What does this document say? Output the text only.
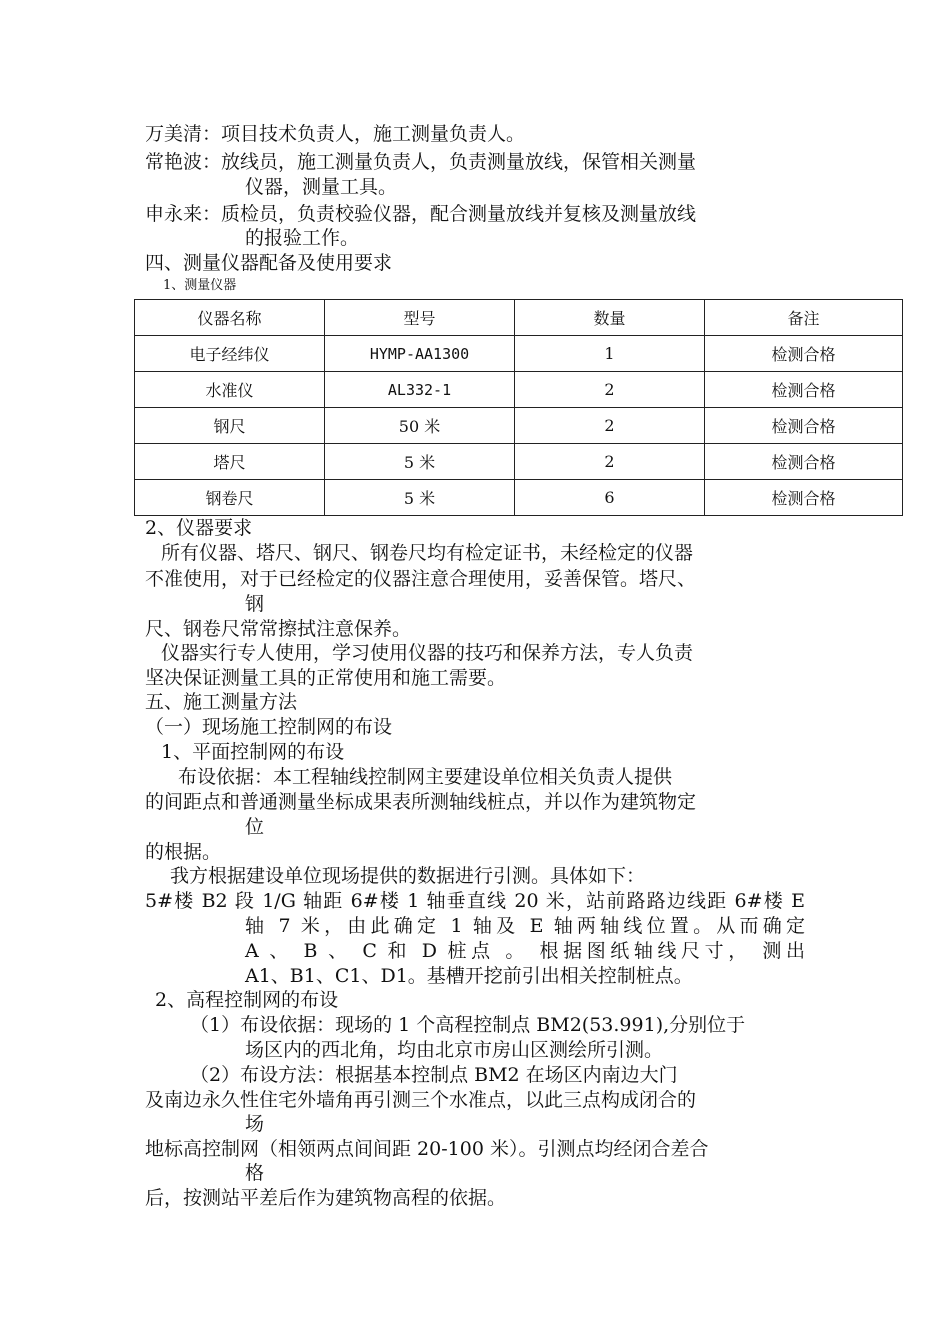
万美清：项目技术负责人，施工测量负责人。
常艳波：放线员，施工测量负责人，负责测量放线，保管相关测量
仪器，测量工具。
申永来：质检员，负责校验仪器，配合测量放线并复核及测量放线
的报验工作。
四、测量仪器配备及使用要求
1、测量仪器
仪器名称	型号	数量	备注
电子经纬仪	HYMP-AA1300	1	检测合格
水准仪	AL332-1	2	检测合格
钢尺	50 米	2	检测合格
塔尺	5 米	2	检测合格
钢卷尺	5 米	6	检测合格
2、仪器要求
所有仪器、塔尺、钢尺、钢卷尺均有检定证书，未经检定的仪器
不准使用，对于已经检定的仪器注意合理使用，妥善保管。塔尺、
钢
尺、钢卷尺常常擦拭注意保养。
仪器实行专人使用，学习使用仪器的技巧和保养方法，专人负责
坚决保证测量工具的正常使用和施工需要。
五、施工测量方法
（一）现场施工控制网的布设
1、平面控制网的布设
布设依据：本工程轴线控制网主要建设单位相关负责人提供
的间距点和普通测量坐标成果表所测轴线桩点，并以作为建筑物定
位
的根据。
我方根据建设单位现场提供的数据进行引测。具体如下：
5#楼 B2 段 1/G 轴距 6#楼 1 轴垂直线 20 米，站前路路边线距 6#楼 E
轴 7 米，由此确定 1 轴及 E 轴两轴线位置。从而确定
A 、 B 、 C 和 D 桩点 。 根据图纸轴线尺寸， 测出
A1、B1、C1、D1。基槽开挖前引出相关控制桩点。
2、高程控制网的布设
（1）布设依据：现场的 1 个高程控制点 BM2(53.991),分别位于
场区内的西北角，均由北京市房山区测绘所引测。
（2）布设方法：根据基本控制点 BM2 在场区内南边大门
及南边永久性住宅外墙角再引测三个水准点，以此三点构成闭合的
场
地标高控制网（相领两点间间距 20-100 米）。引测点均经闭合差合
格
后，按测站平差后作为建筑物高程的依据。
